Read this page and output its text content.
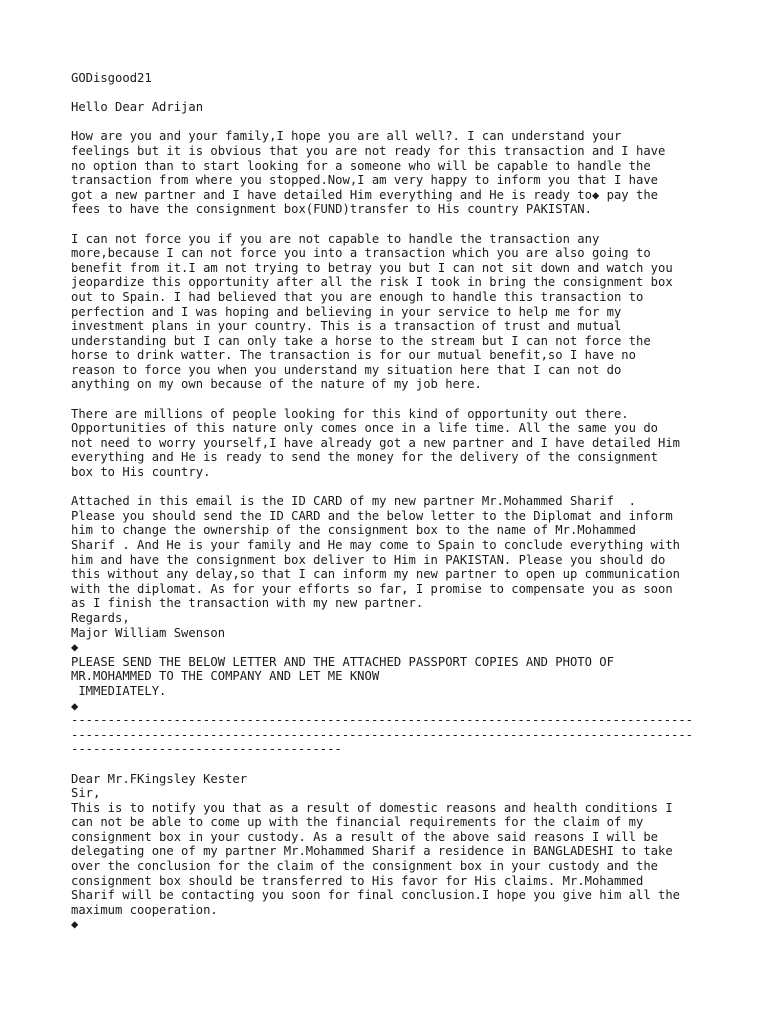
GODisgood21
Hello Dear Adrijan
How are you and your family,I hope you are all well?. I can understand your
feelings but it is obvious that you are not ready for this transaction and I have
no option than to start looking for a someone who will be capable to handle the
transaction from where you stopped.Now,I am very happy to inform you that I have
got a new partner and I have detailed Him everything and He is ready to◆ pay the
fees to have the consignment box(FUND)transfer to His country PAKISTAN.
I can not force you if you are not capable to handle the transaction any
more,because I can not force you into a transaction which you are also going to
benefit from it.I am not trying to betray you but I can not sit down and watch you
jeopardize this opportunity after all the risk I took in bring the consignment box
out to Spain. I had believed that you are enough to handle this transaction to
perfection and I was hoping and believing in your service to help me for my
investment plans in your country. This is a transaction of trust and mutual
understanding but I can only take a horse to the stream but I can not force the
horse to drink watter. The transaction is for our mutual benefit,so I have no
reason to force you when you understand my situation here that I can not do
anything on my own because of the nature of my job here.
There are millions of people looking for this kind of opportunity out there.
Opportunities of this nature only comes once in a life time. All the same you do
not need to worry yourself,I have already got a new partner and I have detailed Him
everything and He is ready to send the money for the delivery of the consignment
box to His country.
Attached in this email is the ID CARD of my new partner Mr.Mohammed Sharif  .
Please you should send the ID CARD and the below letter to the Diplomat and inform
him to change the ownership of the consignment box to the name of Mr.Mohammed
Sharif . And He is your family and He may come to Spain to conclude everything with
him and have the consignment box deliver to Him in PAKISTAN. Please you should do
this without any delay,so that I can inform my new partner to open up communication
with the diplomat. As for your efforts so far, I promise to compensate you as soon
as I finish the transaction with my new partner.
Regards,
Major William Swenson
◆
PLEASE SEND THE BELOW LETTER AND THE ATTACHED PASSPORT COPIES AND PHOTO OF
MR.MOHAMMED TO THE COMPANY AND LET ME KNOW
IMMEDIATELY.
◆
-------------------------------------------------------------------------------------
-------------------------------------------------------------------------------------
-------------------------------------
Dear Mr.FKingsley Kester
Sir,
This is to notify you that as a result of domestic reasons and health conditions I
can not be able to come up with the financial requirements for the claim of my
consignment box in your custody. As a result of the above said reasons I will be
delegating one of my partner Mr.Mohammed Sharif a residence in BANGLADESHI to take
over the conclusion for the claim of the consignment box in your custody and the
consignment box should be transferred to His favor for His claims. Mr.Mohammed
Sharif will be contacting you soon for final conclusion.I hope you give him all the
maximum cooperation.
◆
